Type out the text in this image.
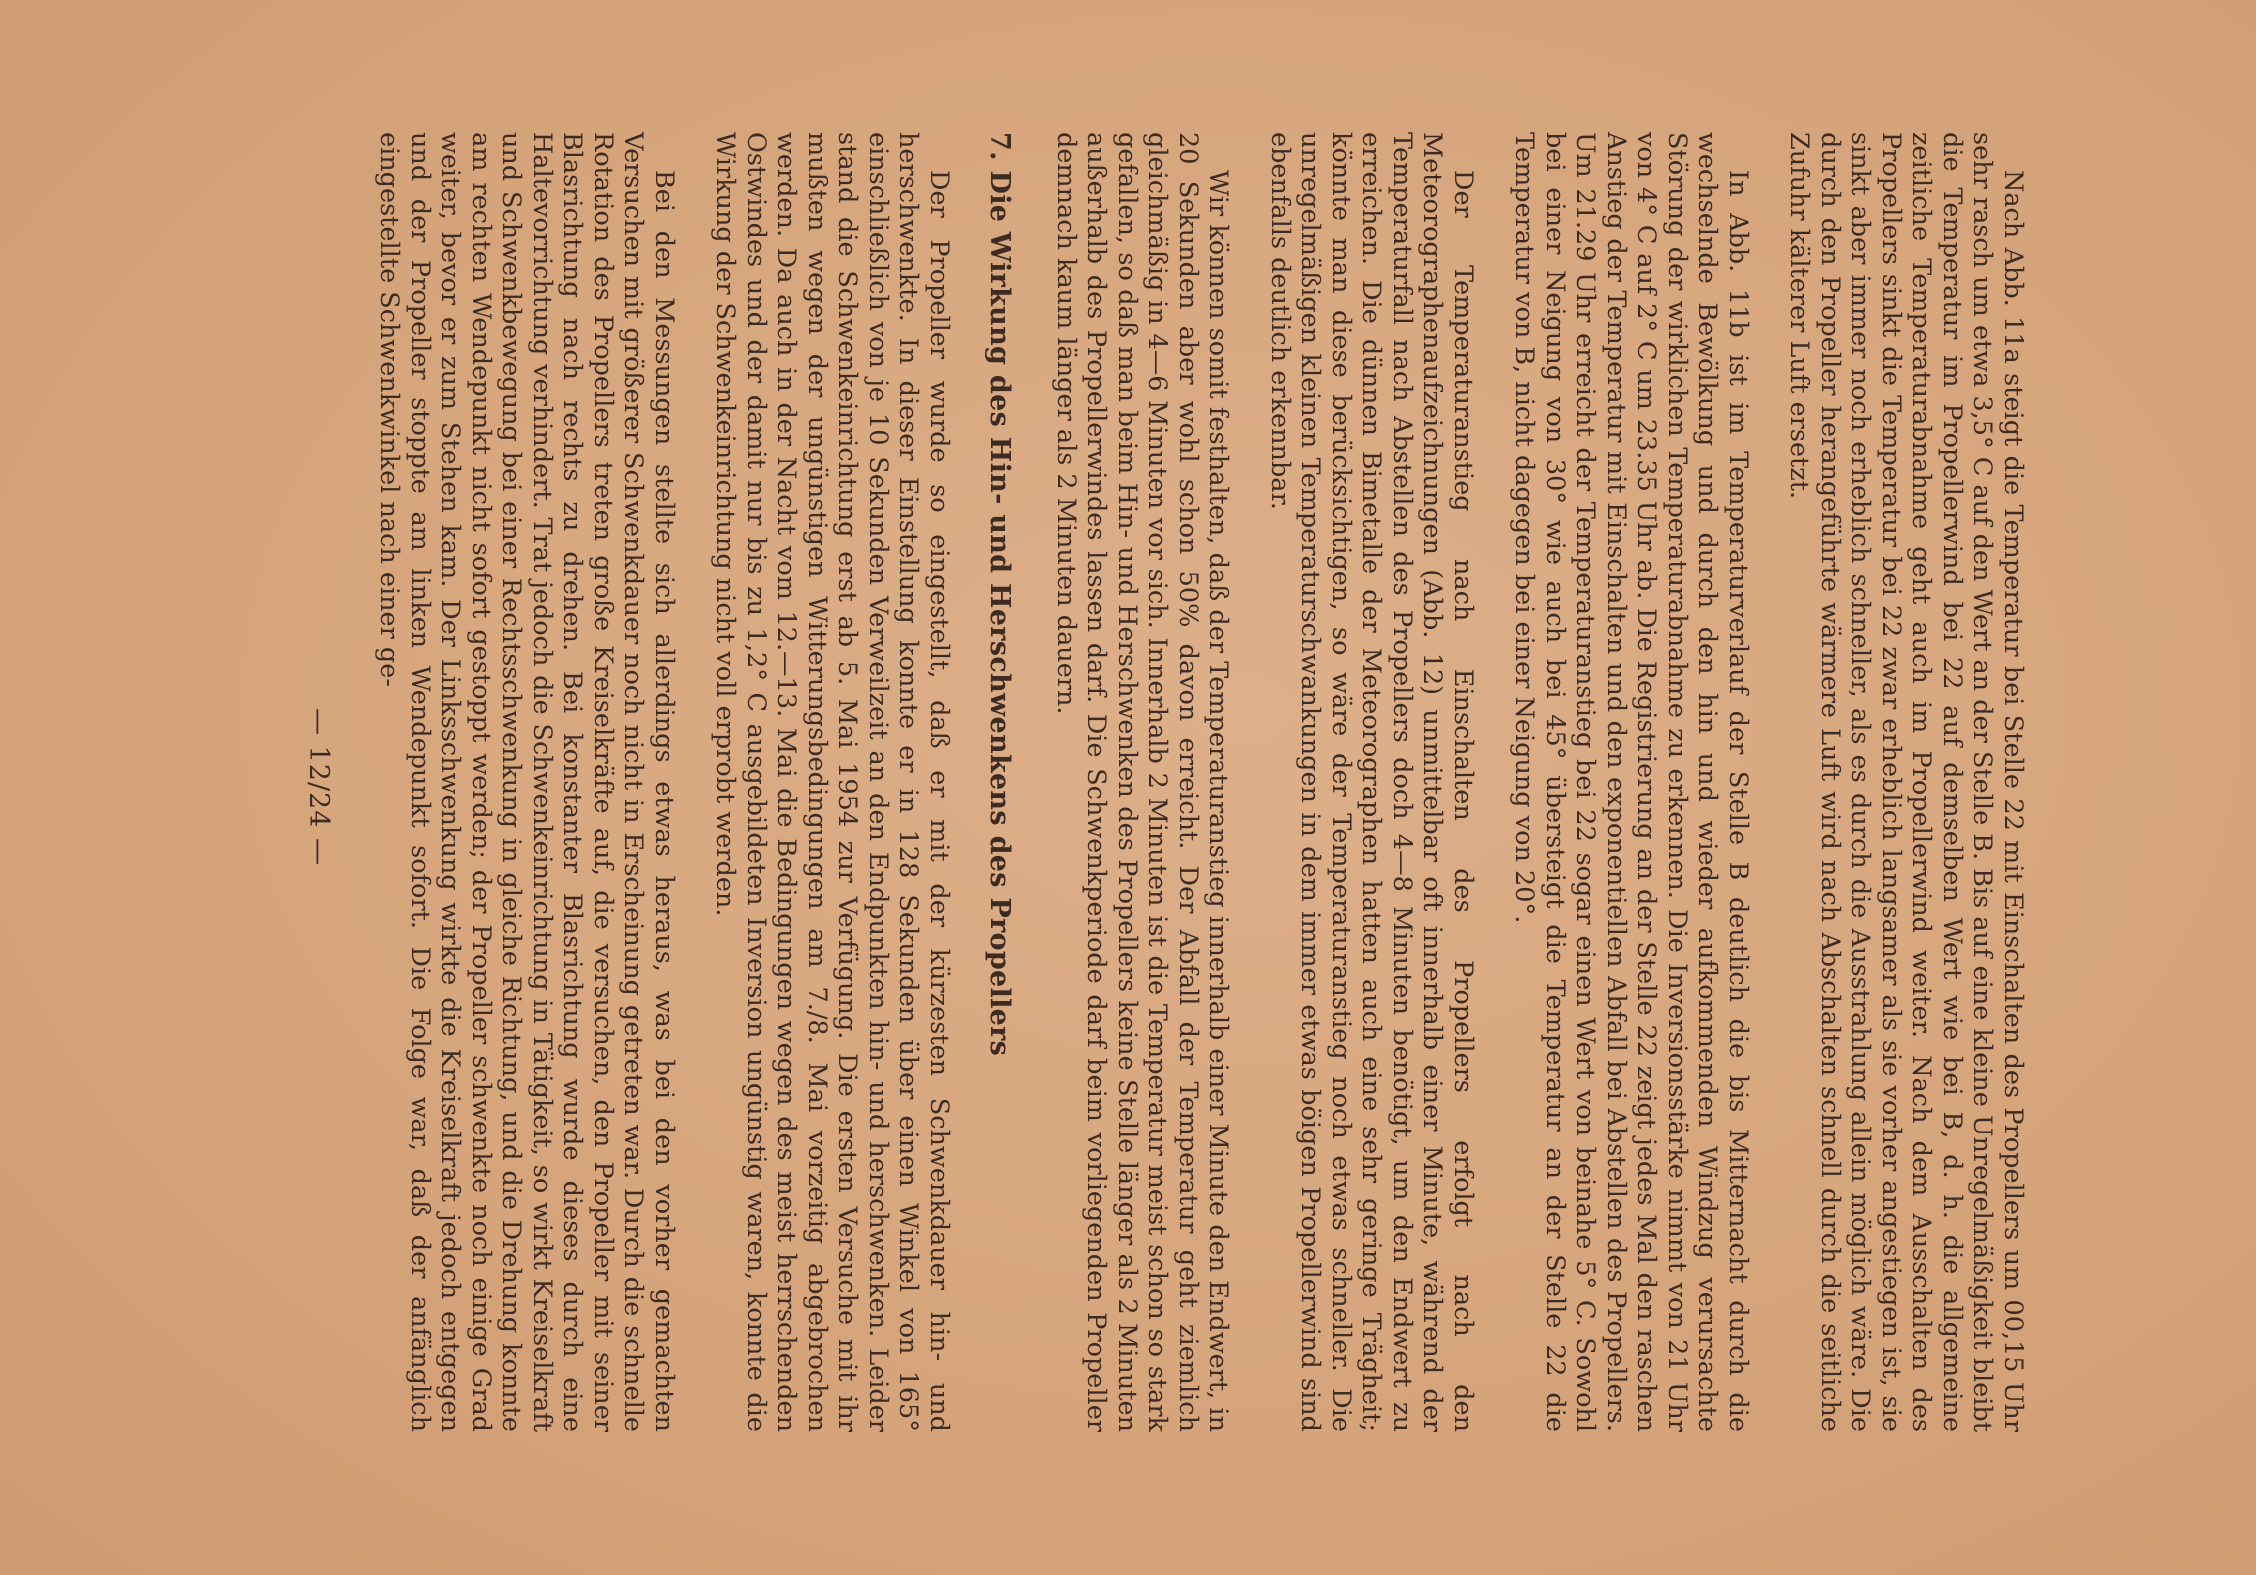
Nach Abb. 11a steigt die Temperatur bei Stelle 22 mit Einschalten des Propellers um 00,15 Uhr sehr rasch um etwa 3,5° C auf den Wert an der Stelle B. Bis auf eine kleine Unregelmäßigkeit bleibt die Temperatur im Propellerwind bei 22 auf demselben Wert wie bei B, d. h. die allgemeine zeitliche Temperaturabnahme geht auch im Propellerwind weiter. Nach dem Ausschalten des Propellers sinkt die Temperatur bei 22 zwar erheblich langsamer als sie vorher angestiegen ist, sie sinkt aber immer noch erheblich schneller, als es durch die Ausstrahlung allein möglich wäre. Die durch den Propeller herangeführte wärmere Luft wird nach Abschalten schnell durch die seitliche Zufuhr kälterer Luft ersetzt.

In Abb. 11b ist im Temperaturverlauf der Stelle B deutlich die bis Mitternacht durch die wechselnde Bewölkung und durch den hin und wieder aufkommenden Windzug verursachte Störung der wirklichen Temperaturabnahme zu erkennen. Die Inversionsstärke nimmt von 21 Uhr von 4° C auf 2° C um 23.35 Uhr ab. Die Registrierung an der Stelle 22 zeigt jedes Mal den raschen Anstieg der Temperatur mit Einschalten und den exponentiellen Abfall bei Abstellen des Propellers. Um 21.29 Uhr erreicht der Temperaturanstieg bei 22 sogar einen Wert von beinahe 5° C. Sowohl bei einer Neigung von 30° wie auch bei 45° übersteigt die Temperatur an der Stelle 22 die Temperatur von B, nicht dagegen bei einer Neigung von 20°.

Der Temperaturanstieg nach Einschalten des Propellers erfolgt nach den Meteorographenaufzeichnungen (Abb. 12) unmittelbar oft innerhalb einer Minute, während der Temperaturfall nach Abstellen des Propellers doch 4—8 Minuten benötigt, um den Endwert zu erreichen. Die dünnen Bimetalle der Meteorographen hatten auch eine sehr geringe Trägheit; könnte man diese berücksichtigen, so wäre der Temperaturanstieg noch etwas schneller. Die unregelmäßigen kleinen Temperaturschwankungen in dem immer etwas böigen Propellerwind sind ebenfalls deutlich erkennbar.

Wir können somit festhalten, daß der Temperaturanstieg innerhalb einer Minute den Endwert, in 20 Sekunden aber wohl schon 50% davon erreicht. Der Abfall der Temperatur geht ziemlich gleichmäßig in 4—6 Minuten vor sich. Innerhalb 2 Minuten ist die Temperatur meist schon so stark gefallen, so daß man beim Hin- und Herschwenken des Propellers keine Stelle länger als 2 Minuten außerhalb des Propellerwindes lassen darf. Die Schwenkperiode darf beim vorliegenden Propeller demnach kaum länger als 2 Minuten dauern.

7. Die Wirkung des Hin- und Herschwenkens des Propellers

Der Propeller wurde so eingestellt, daß er mit der kürzesten Schwenkdauer hin- und herschwenkte. In dieser Einstellung konnte er in 128 Sekunden über einen Winkel von 165° einschließlich von je 10 Sekunden Verweilzeit an den Endpunkten hin- und herschwenken. Leider stand die Schwenkeinrichtung erst ab 5. Mai 1954 zur Verfügung. Die ersten Versuche mit ihr mußten wegen der ungünstigen Witterungsbedingungen am 7./8. Mai vorzeitig abgebrochen werden. Da auch in der Nacht vom 12.—13. Mai die Bedingungen wegen des meist herrschenden Ostwindes und der damit nur bis zu 1,2° C ausgebildeten Inversion ungünstig waren, konnte die Wirkung der Schwenkeinrichtung nicht voll erprobt werden.

Bei den Messungen stellte sich allerdings etwas heraus, was bei den vorher gemachten Versuchen mit größerer Schwenkdauer noch nicht in Erscheinung getreten war. Durch die schnelle Rotation des Propellers treten große Kreiselkräfte auf, die versuchen, den Propeller mit seiner Blasrichtung nach rechts zu drehen. Bei konstanter Blasrichtung wurde dieses durch eine Haltevorrichtung verhindert. Trat jedoch die Schwenkeinrichtung in Tätigkeit, so wirkt Kreiselkraft und Schwenkbewegung bei einer Rechtsschwenkung in gleiche Richtung, und die Drehung konnte am rechten Wendepunkt nicht sofort gestoppt werden; der Propeller schwenkte noch einige Grad weiter, bevor er zum Stehen kam. Der Linksschwenkung wirkte die Kreiselkraft jedoch entgegen und der Propeller stoppte am linken Wendepunkt sofort. Die Folge war, daß der anfänglich eingestellte Schwenkwinkel nach einer ge-

— 12/24 —
